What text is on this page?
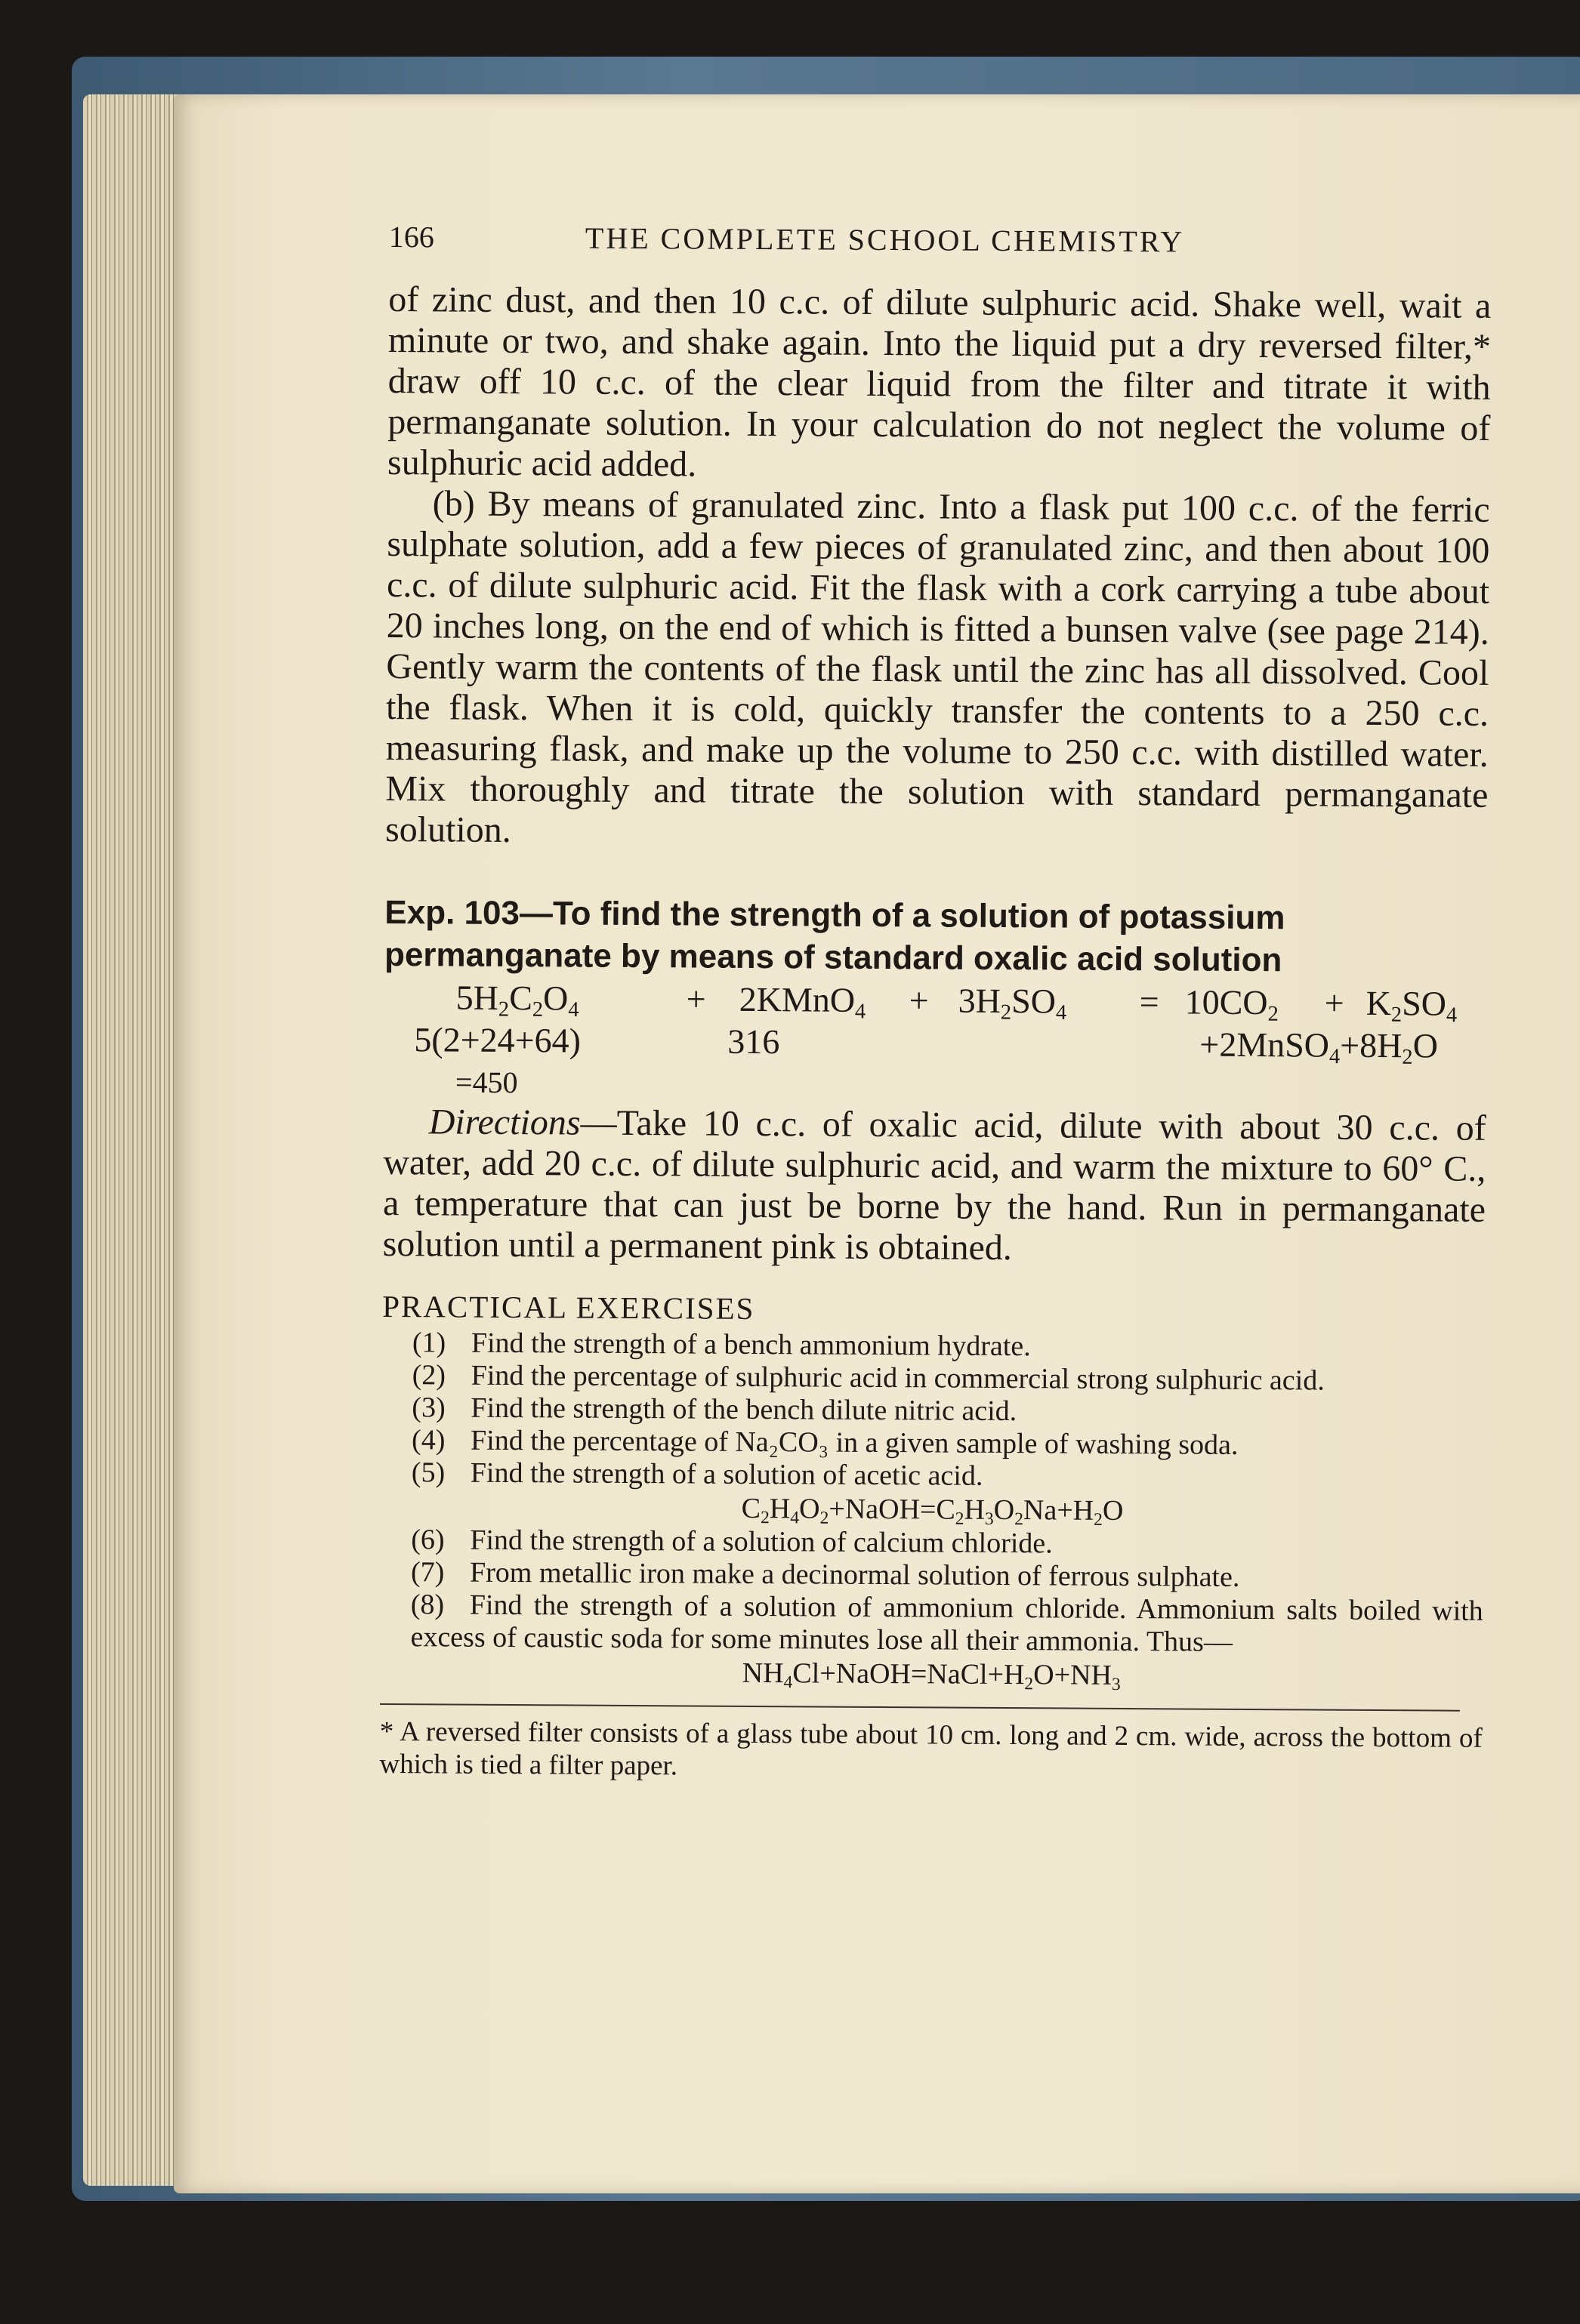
166	THE COMPLETE SCHOOL CHEMISTRY

of zinc dust, and then 10 c.c. of dilute sulphuric acid. Shake well, wait a minute or two, and shake again. Into the liquid put a dry reversed filter,* draw off 10 c.c. of the clear liquid from the filter and titrate it with permanganate solution. In your calculation do not neglect the volume of sulphuric acid added.

(b) By means of granulated zinc. Into a flask put 100 c.c. of the ferric sulphate solution, add a few pieces of granulated zinc, and then about 100 c.c. of dilute sulphuric acid. Fit the flask with a cork carrying a tube about 20 inches long, on the end of which is fitted a bunsen valve (see page 214). Gently warm the contents of the flask until the zinc has all dissolved. Cool the flask. When it is cold, quickly transfer the contents to a 250 c.c. measuring flask, and make up the volume to 250 c.c. with distilled water. Mix thoroughly and titrate the solution with standard permanganate solution.

Exp. 103—To find the strength of a solution of potassium permanganate by means of standard oxalic acid solution
$5H_2C_2O_4$	+ 2KMnO$_4$ + $3H_2SO_4 = 10CO_2 + K_2SO_4$
5(2+24+64)	316	$+2MnSO_4+8H_2O$
=450

Directions—Take 10 c.c. of oxalic acid, dilute with about 30 c.c. of water, add 20 c.c. of dilute sulphuric acid, and warm the mixture to 60° C., a temperature that can just be borne by the hand. Run in permanganate solution until a permanent pink is obtained.

PRACTICAL EXERCISES
(1) Find the strength of a bench ammonium hydrate.
(2) Find the percentage of sulphuric acid in commercial strong sulphuric acid.
(3) Find the strength of the bench dilute nitric acid.
(4) Find the percentage of Na₂CO₃ in a given sample of washing soda.
(5) Find the strength of a solution of acetic acid.
$C_2H_4O_2+NaOH=C_2H_3O_2Na+H_2O$
(6) Find the strength of a solution of calcium chloride.
(7) From metallic iron make a decinormal solution of ferrous sulphate.
(8) Find the strength of a solution of ammonium chloride. Ammonium salts boiled with excess of caustic soda for some minutes lose all their ammonia. Thus—
$NH_4Cl+NaOH=NaCl+H_2O+NH_3$
* A reversed filter consists of a glass tube about 10 cm. long and 2 cm. wide, across the bottom of which is tied a filter paper.
